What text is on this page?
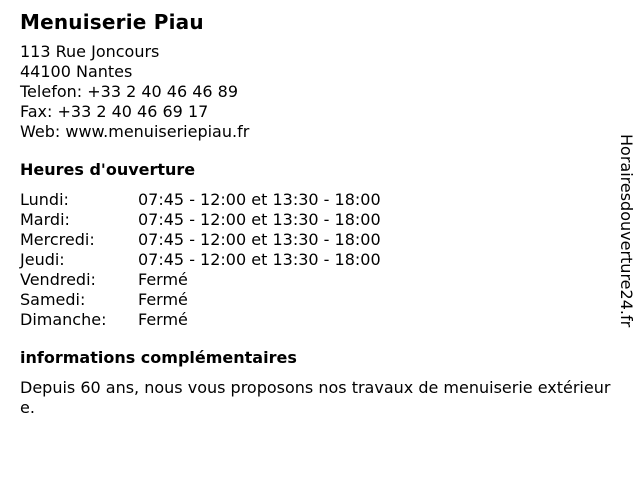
Menuiserie Piau
113 Rue Joncours
44100 Nantes
Telefon: +33 2 40 46 46 89
Fax: +33 2 40 46 69 17
Web: www.menuiseriepiau.fr
Heures d'ouverture
Lundi:	07:45 - 12:00 et 13:30 - 18:00
Mardi:	07:45 - 12:00 et 13:30 - 18:00
Mercredi:	07:45 - 12:00 et 13:30 - 18:00
Jeudi:	07:45 - 12:00 et 13:30 - 18:00
Vendredi:	Fermé
Samedi:	Fermé
Dimanche:	Fermé
informations complémentaires
Depuis 60 ans, nous vous proposons nos travaux de menuiserie extérieure.
Horairesdouverture24.fr
